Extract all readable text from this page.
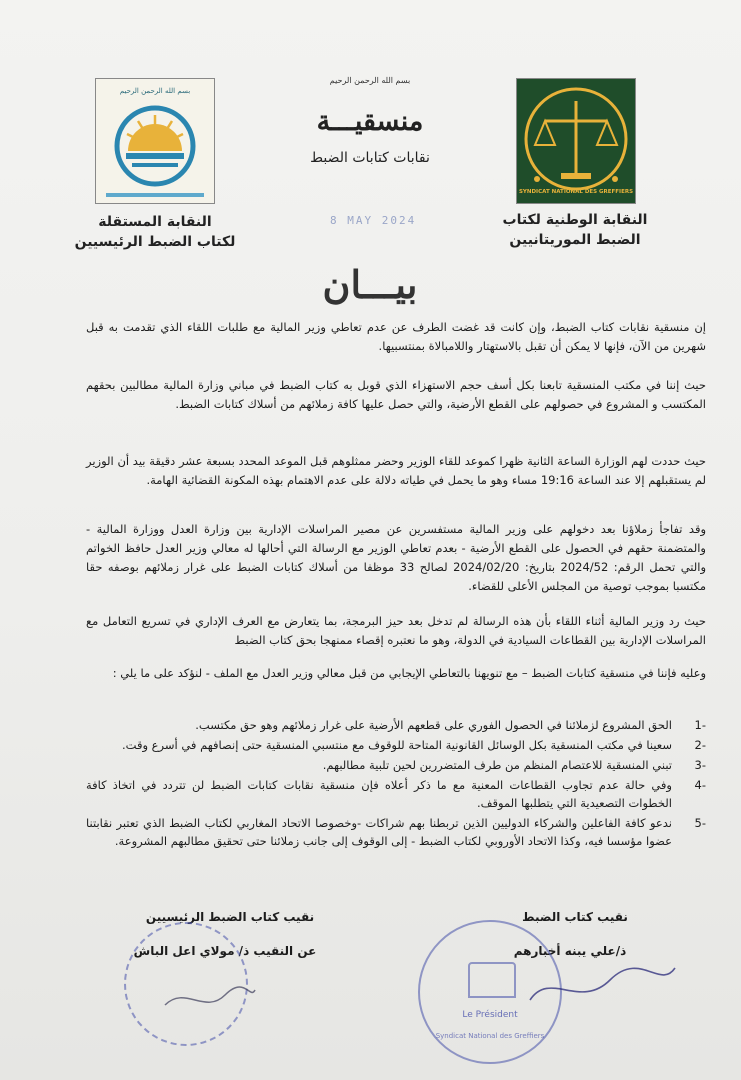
بسم الله الرحمن الرحيم
منسقيـــة
نقابات كتابات الضبط
8 MAY 2024
بسم الله الرحمن الرحيم
SYNDICAT NATIONAL DES GREFFIERS
النقابة المستقلة
لكتاب الضبط الرئيسيين
النقابة الوطنية لكتاب
الضبط الموريتانيين
بيـــان

إن منسقية نقابات كتاب الضبط، وإن كانت قد غضت الطرف عن عدم تعاطي وزير المالية مع طلبات اللقاء الذي تقدمت به قبل شهرين من الآن، فإنها لا يمكن أن تقبل بالاستهتار واللامبالاة بمنتسبيها.

حيث إننا في مكتب المنسقية تابعنا بكل أسف حجم الاستهزاء الذي قوبل به كتاب الضبط في مباني وزارة المالية مطالبين بحقهم المكتسب و المشروع في حصولهم على القطع الأرضية، والتي حصل عليها كافة زملائهم من أسلاك كتابات الضبط.

حيث حددت لهم الوزارة الساعة الثانية ظهرا كموعد للقاء الوزير وحضر ممثلوهم قبل الموعد المحدد بسبعة عشر دقيقة بيد أن الوزير لم يستقبلهم إلا عند الساعة 19:16 مساء وهو ما يحمل في طياته دلالة على عدم الاهتمام بهذه المكونة القضائية الهامة.

وقد تفاجأ زملاؤنا بعد دخولهم على وزير المالية مستفسرين عن مصير المراسلات الإدارية بين وزارة العدل ووزارة المالية - والمتضمنة حقهم في الحصول على القطع الأرضية - بعدم تعاطي الوزير مع الرسالة التي أحالها له معالي وزير العدل حافظ الخواتم والتي تحمل الرقم: 2024/52 بتاريخ: 2024/02/20 لصالح 33 موظفا من أسلاك كتابات الضبط على غرار زملائهم بوصفه حقا مكتسبا بموجب توصية من المجلس الأعلى للقضاء.

حيث رد وزير المالية أثناء اللقاء بأن هذه الرسالة لم تدخل بعد حيز البرمجة، بما يتعارض مع العرف الإداري في تسريع التعامل مع المراسلات الإدارية بين القطاعات السيادية في الدولة، وهو ما نعتبره إقصاء ممنهجا بحق كتاب الضبط

وعليه فإننا في منسقية كتابات الضبط – مع تنويهنا بالتعاطي الإيجابي من قبل معالي وزير العدل مع الملف - لنؤكد على ما يلي :

-1
الحق المشروع لزملائنا في الحصول الفوري على قطعهم الأرضية على غرار زملائهم وهو حق مكتسب.
-2
سعينا في مكتب المنسقية بكل الوسائل القانونية المتاحة للوقوف مع منتسبي المنسقية حتى إنصافهم في أسرع وقت.
-3
تبني المنسقية للاعتصام المنظم من طرف المتضررين لحين تلبية مطالبهم.
-4
وفي حالة عدم تجاوب القطاعات المعنية مع ما ذكر أعلاه فإن منسقية نقابات كتابات الضبط لن تتردد في اتخاذ كافة الخطوات التصعيدية التي يتطلبها الموقف.
-5
ندعو كافة الفاعلين والشركاء الدوليين الذين تربطنا بهم شراكات -وخصوصا الاتحاد المغاربي لكتاب الضبط الذي تعتبر نقابتنا عضوا مؤسسا فيه، وكذا الاتحاد الأوروبي لكتاب الضبط - إلى الوقوف إلى جانب زملائنا حتى تحقيق مطالبهم المشروعة.
نقيب كتاب الضبط الرئيسيين
عن النقيب ذ/ مولاي اعل الباش
نقيب كتاب الضبط
ذ/علي يبنه أخبارهم
Syndicat National des Greffiers
Le Président
